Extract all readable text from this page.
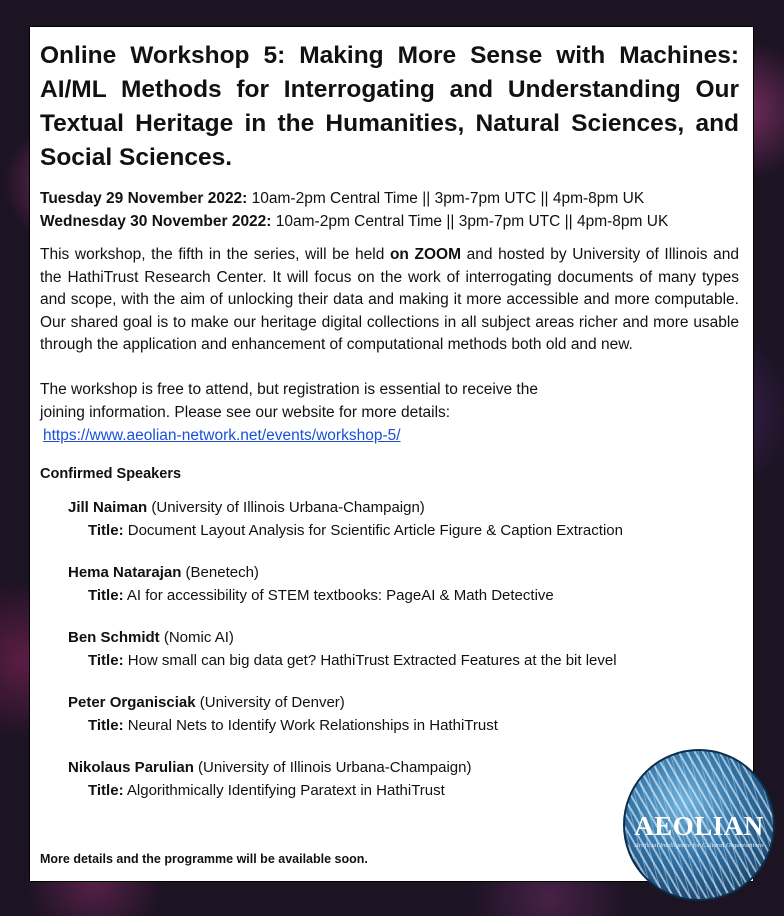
Online Workshop 5: Making More Sense with Machines: AI/ML Methods for Interrogating and Understanding Our Textual Heritage in the Humanities, Natural Sciences, and Social Sciences.

Tuesday 29 November 2022: 10am-2pm Central Time || 3pm-7pm UTC || 4pm-8pm UK

Wednesday 30 November 2022: 10am-2pm Central Time || 3pm-7pm UTC || 4pm-8pm UK

This workshop, the fifth in the series, will be held on ZOOM and hosted by University of Illinois and the HathiTrust Research Center. It will focus on the work of interrogating documents of many types and scope, with the aim of unlocking their data and making it more accessible and more computable. Our shared goal is to make our heritage digital collections in all subject areas richer and more usable through the application and enhancement of computational methods both old and new.

The workshop is free to attend, but registration is essential to receive the

joining information. Please see our website for more details:

https://www.aeolian-network.net/events/workshop-5/

Confirmed Speakers

Jill Naiman (University of Illinois Urbana-Champaign)

Title: Document Layout Analysis for Scientific Article Figure & Caption Extraction

Hema Natarajan (Benetech)

Title: AI for accessibility of STEM textbooks: PageAI & Math Detective

Ben Schmidt (Nomic AI)

Title: How small can big data get? HathiTrust Extracted Features at the bit level

Peter Organisciak (University of Denver)

Title: Neural Nets to Identify Work Relationships in HathiTrust

Nikolaus Parulian (University of Illinois Urbana-Champaign)

Title: Algorithmically Identifying Paratext in HathiTrust

More details and the programme will be available soon.
AEOLIAN
Artificial Intelligence for Cultural Organisations
